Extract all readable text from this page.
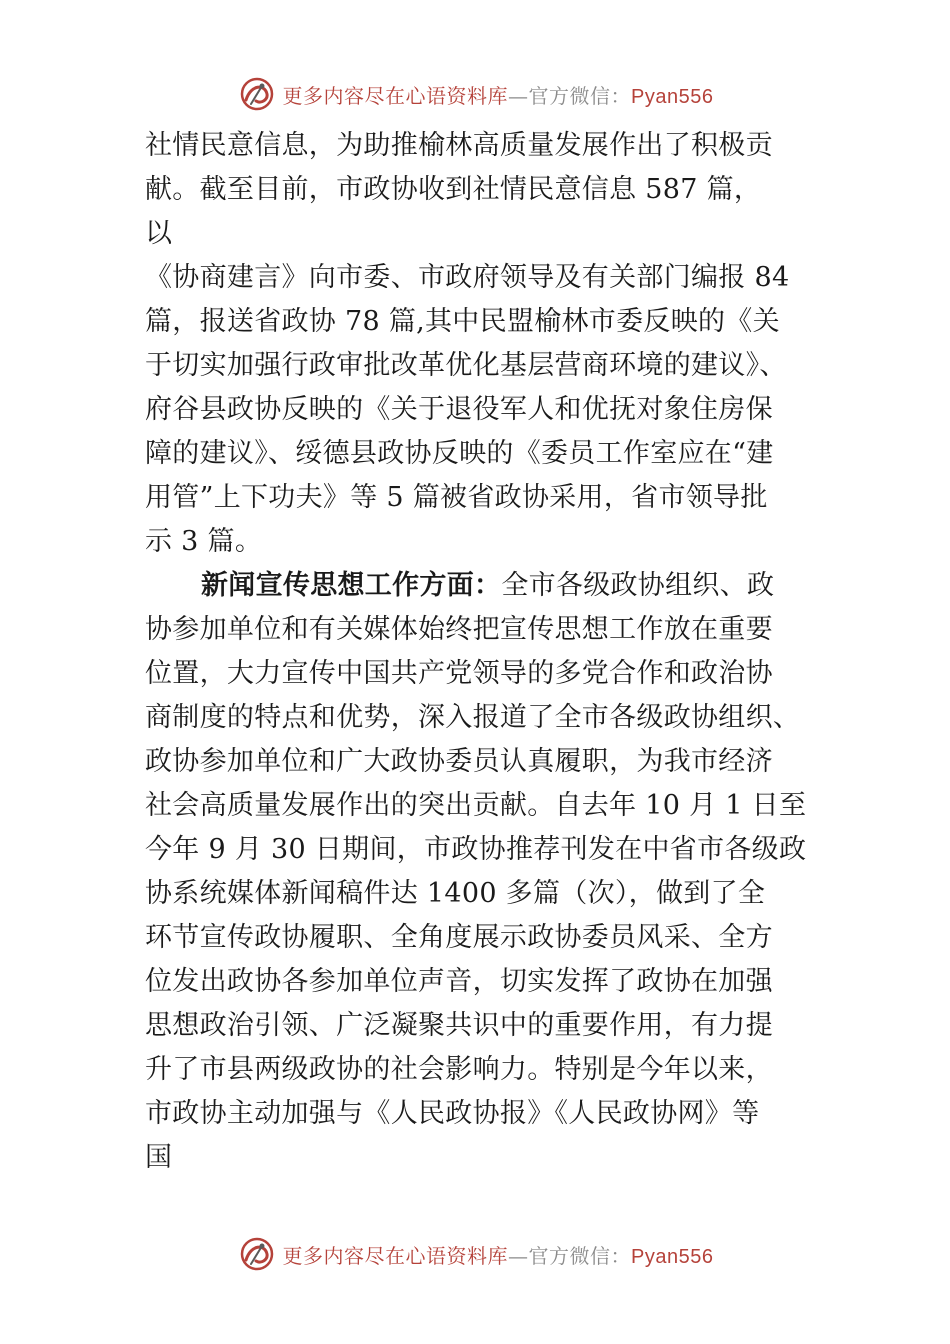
更多内容尽在心语资料库—官方微信：Pyan556
社情民意信息，为助推榆林高质量发展作出了积极贡
献。截至目前，市政协收到社情民意信息 587 篇，
以
《协商建言》向市委、市政府领导及有关部门编报 84
篇，报送省政协 78 篇,其中民盟榆林市委反映的《关
于切实加强行政审批改革优化基层营商环境的建议》、
府谷县政协反映的《关于退役军人和优抚对象住房保
障的建议》、绥德县政协反映的《委员工作室应在“建
用管”上下功夫》等 5 篇被省政协采用，省市领导批
示 3 篇。
新闻宣传思想工作方面：全市各级政协组织、政
协参加单位和有关媒体始终把宣传思想工作放在重要
位置，大力宣传中国共产党领导的多党合作和政治协
商制度的特点和优势，深入报道了全市各级政协组织、
政协参加单位和广大政协委员认真履职，为我市经济
社会高质量发展作出的突出贡献。自去年 10 月 1 日至
今年 9 月 30 日期间，市政协推荐刊发在中省市各级政
协系统媒体新闻稿件达 1400 多篇（次），做到了全
环节宣传政协履职、全角度展示政协委员风采、全方
位发出政协各参加单位声音，切实发挥了政协在加强
思想政治引领、广泛凝聚共识中的重要作用，有力提
升了市县两级政协的社会影响力。特别是今年以来，
市政协主动加强与《人民政协报》《人民政协网》等
国
更多内容尽在心语资料库—官方微信：Pyan556
